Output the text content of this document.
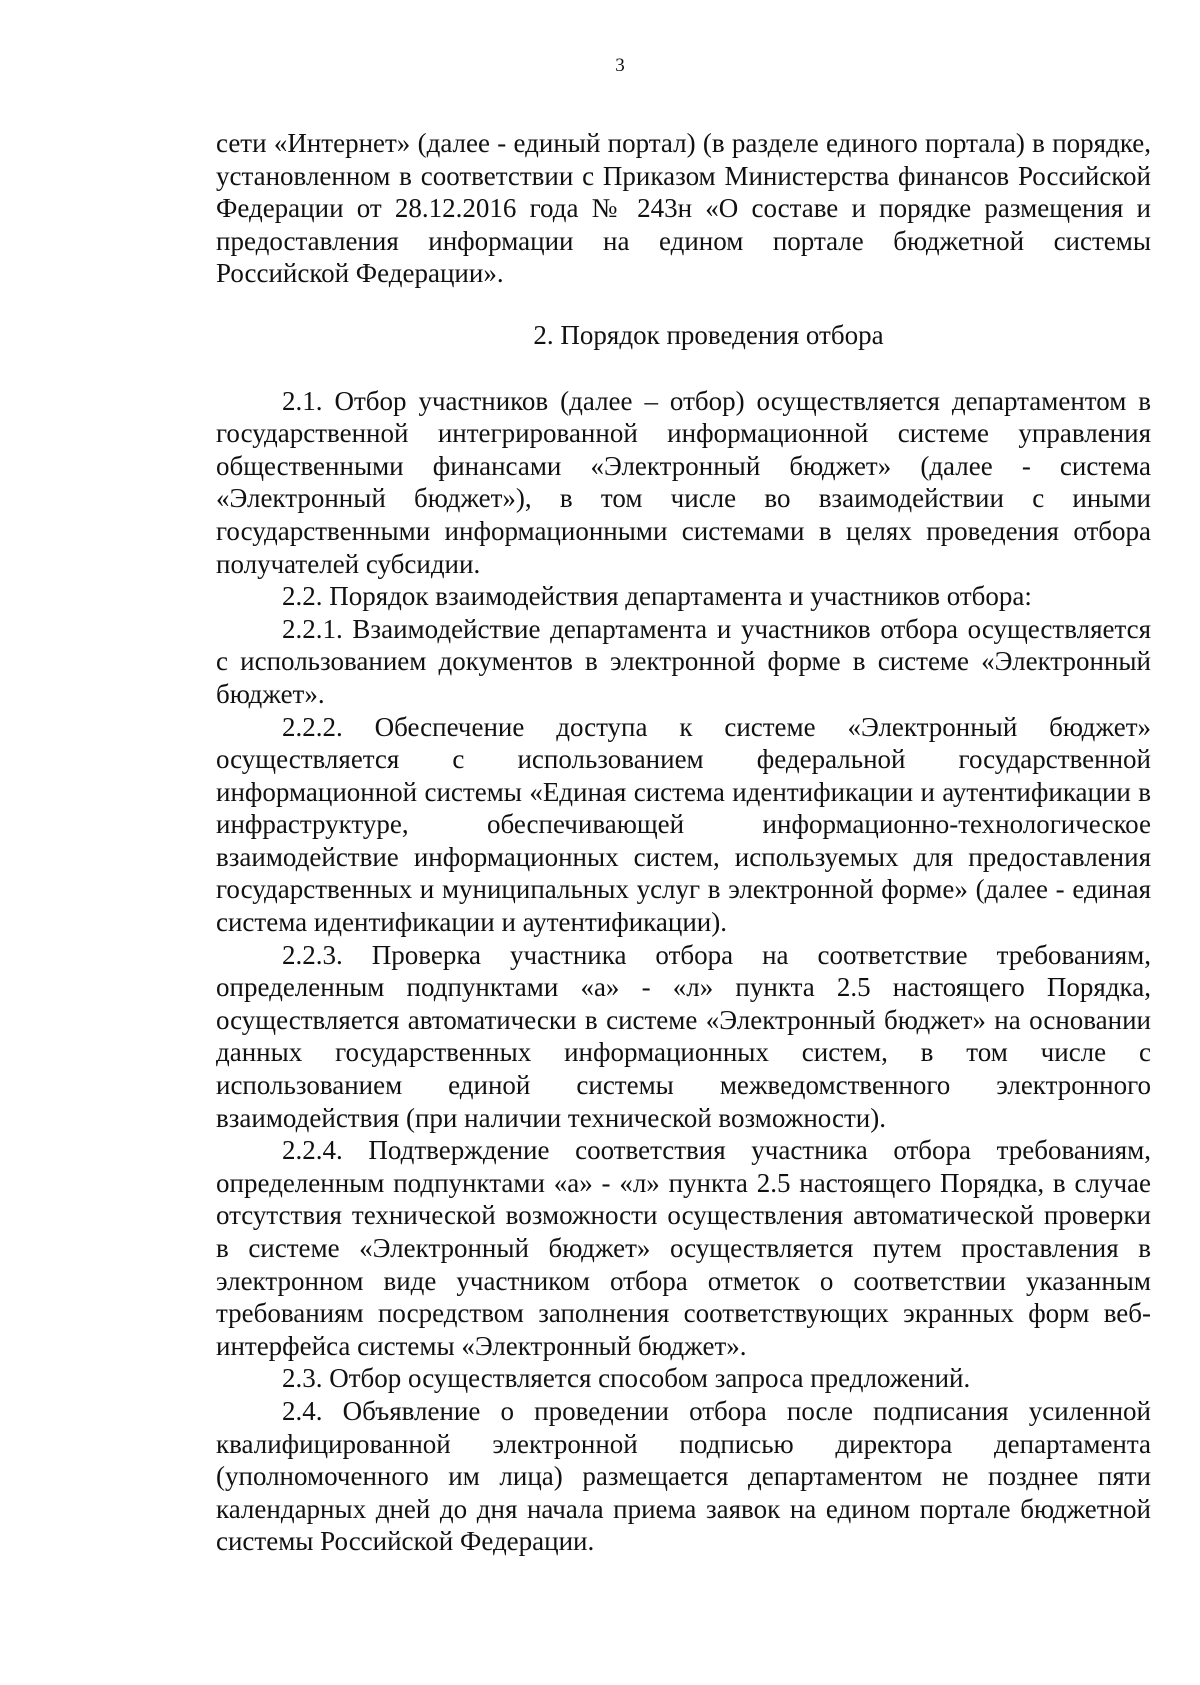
3

сети «Интернет» (далее - единый портал) (в разделе единого портала) в порядке, установленном в соответствии с Приказом Министерства финансов Российской Федерации от 28.12.2016 года № 243н «О составе и порядке размещения и предоставления информации на едином портале бюджетной системы Российской Федерации».

2. Порядок проведения отбора

2.1. Отбор участников (далее – отбор) осуществляется департаментом в государственной интегрированной информационной системе управления общественными финансами «Электронный бюджет» (далее - система «Электронный бюджет»), в том числе во взаимодействии с иными государственными информационными системами в целях проведения отбора получателей субсидии.

2.2. Порядок взаимодействия департамента и участников отбора:

2.2.1. Взаимодействие департамента и участников отбора осуществляется с использованием документов в электронной форме в системе «Электронный бюджет».

2.2.2. Обеспечение доступа к системе «Электронный бюджет» осуществляется с использованием федеральной государственной информационной системы «Единая система идентификации и аутентификации в инфраструктуре, обеспечивающей информационно-технологическое взаимодействие информационных систем, используемых для предоставления государственных и муниципальных услуг в электронной форме» (далее - единая система идентификации и аутентификации).

2.2.3. Проверка участника отбора на соответствие требованиям, определенным подпунктами «а» - «л» пункта 2.5 настоящего Порядка, осуществляется автоматически в системе «Электронный бюджет» на основании данных государственных информационных систем, в том числе с использованием единой системы межведомственного электронного взаимодействия (при наличии технической возможности).

2.2.4. Подтверждение соответствия участника отбора требованиям, определенным подпунктами «а» - «л» пункта 2.5 настоящего Порядка, в случае отсутствия технической возможности осуществления автоматической проверки в системе «Электронный бюджет» осуществляется путем проставления в электронном виде участником отбора отметок о соответствии указанным требованиям посредством заполнения соответствующих экранных форм веб-интерфейса системы «Электронный бюджет».

2.3. Отбор осуществляется способом запроса предложений.

2.4. Объявление о проведении отбора после подписания усиленной квалифицированной электронной подписью директора департамента (уполномоченного им лица) размещается департаментом не позднее пяти календарных дней до дня начала приема заявок на едином портале бюджетной системы Российской Федерации.
